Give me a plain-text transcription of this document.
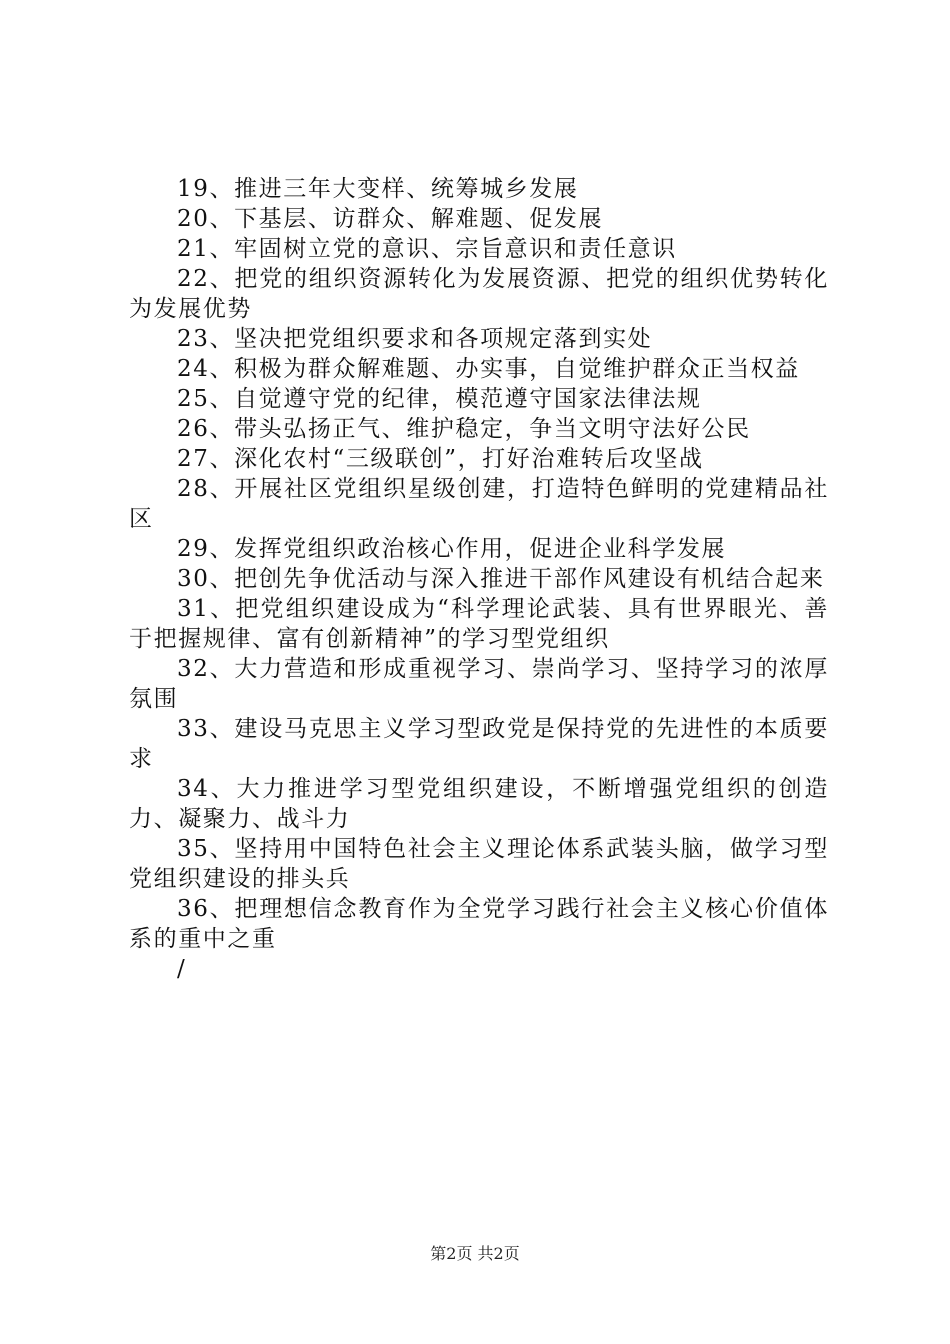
19、推进三年大变样、统筹城乡发展

20、下基层、访群众、解难题、促发展

21、牢固树立党的意识、宗旨意识和责任意识

22、把党的组织资源转化为发展资源、把党的组织优势转化为发展优势

23、坚决把党组织要求和各项规定落到实处

24、积极为群众解难题、办实事，自觉维护群众正当权益

25、自觉遵守党的纪律，模范遵守国家法律法规

26、带头弘扬正气、维护稳定，争当文明守法好公民

27、深化农村“三级联创”，打好治难转后攻坚战

28、开展社区党组织星级创建，打造特色鲜明的党建精品社区

29、发挥党组织政治核心作用，促进企业科学发展

30、把创先争优活动与深入推进干部作风建设有机结合起来

31、把党组织建设成为“科学理论武装、具有世界眼光、善于把握规律、富有创新精神”的学习型党组织

32、大力营造和形成重视学习、崇尚学习、坚持学习的浓厚氛围

33、建设马克思主义学习型政党是保持党的先进性的本质要求

34、大力推进学习型党组织建设，不断增强党组织的创造力、凝聚力、战斗力

35、坚持用中国特色社会主义理论体系武装头脑，做学习型党组织建设的排头兵

36、把理想信念教育作为全党学习践行社会主义核心价值体系的重中之重

/

第2页 共2页
